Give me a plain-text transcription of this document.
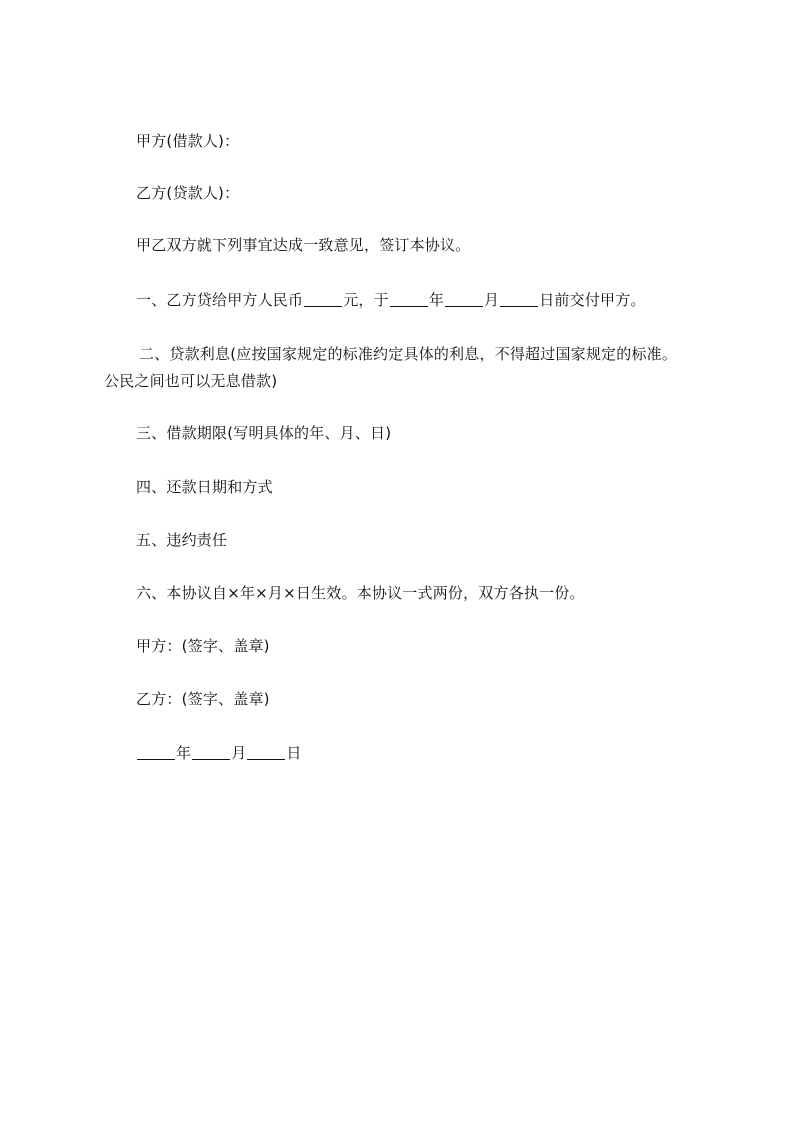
甲方(借款人)：
乙方(贷款人)：
甲乙双方就下列事宜达成一致意见，签订本协议。
一、乙方贷给甲方人民币	元，于	年	月	日前交付甲方。
二、贷款利息(应按国家规定的标准约定具体的利息，不得超过国家规定的标准。
公民之间也可以无息借款)
三、借款期限(写明具体的年、月、日)
四、还款日期和方式
五、违约责任
六、本协议自×年×月×日生效。本协议一式两份，双方各执一份。
甲方：(签字、盖章)
乙方：(签字、盖章)
年	月	日
